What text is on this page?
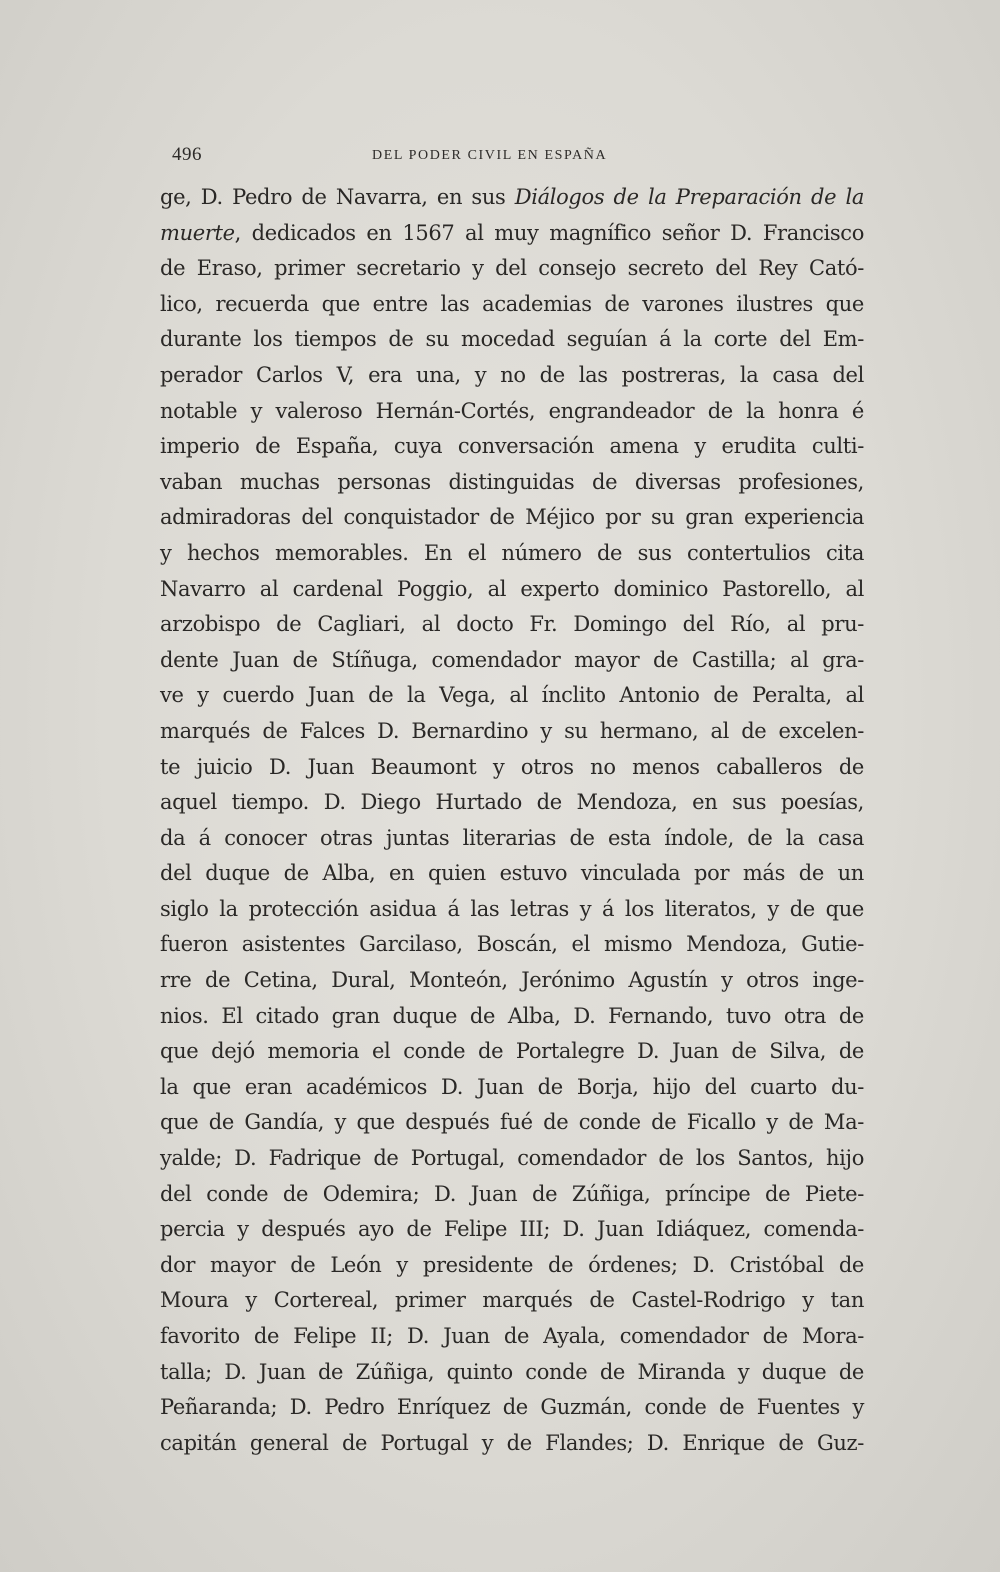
496	DEL PODER CIVIL EN ESPAÑA
ge, D. Pedro de Navarra, en sus Diálogos de la Preparación de la
muerte, dedicados en 1567 al muy magnífico señor D. Francisco
de Eraso, primer secretario y del consejo secreto del Rey Cató-
lico, recuerda que entre las academias de varones ilustres que
durante los tiempos de su mocedad seguían á la corte del Em-
perador Carlos V, era una, y no de las postreras, la casa del
notable y valeroso Hernán-Cortés, engrandeador de la honra é
imperio de España, cuya conversación amena y erudita culti-
vaban muchas personas distinguidas de diversas profesiones,
admiradoras del conquistador de Méjico por su gran experiencia
y hechos memorables. En el número de sus contertulios cita
Navarro al cardenal Poggio, al experto dominico Pastorello, al
arzobispo de Cagliari, al docto Fr. Domingo del Río, al pru-
dente Juan de Stíñuga, comendador mayor de Castilla; al gra-
ve y cuerdo Juan de la Vega, al ínclito Antonio de Peralta, al
marqués de Falces D. Bernardino y su hermano, al de excelen-
te juicio D. Juan Beaumont y otros no menos caballeros de
aquel tiempo. D. Diego Hurtado de Mendoza, en sus poesías,
da á conocer otras juntas literarias de esta índole, de la casa
del duque de Alba, en quien estuvo vinculada por más de un
siglo la protección asidua á las letras y á los literatos, y de que
fueron asistentes Garcilaso, Boscán, el mismo Mendoza, Gutie-
rre de Cetina, Dural, Monteón, Jerónimo Agustín y otros inge-
nios. El citado gran duque de Alba, D. Fernando, tuvo otra de
que dejó memoria el conde de Portalegre D. Juan de Silva, de
la que eran académicos D. Juan de Borja, hijo del cuarto du-
que de Gandía, y que después fué de conde de Ficallo y de Ma-
yalde; D. Fadrique de Portugal, comendador de los Santos, hijo
del conde de Odemira; D. Juan de Zúñiga, príncipe de Piete-
percia y después ayo de Felipe III; D. Juan Idiáquez, comenda-
dor mayor de León y presidente de órdenes; D. Cristóbal de
Moura y Cortereal, primer marqués de Castel-Rodrigo y tan
favorito de Felipe II; D. Juan de Ayala, comendador de Mora-
talla; D. Juan de Zúñiga, quinto conde de Miranda y duque de
Peñaranda; D. Pedro Enríquez de Guzmán, conde de Fuentes y
capitán general de Portugal y de Flandes; D. Enrique de Guz-
